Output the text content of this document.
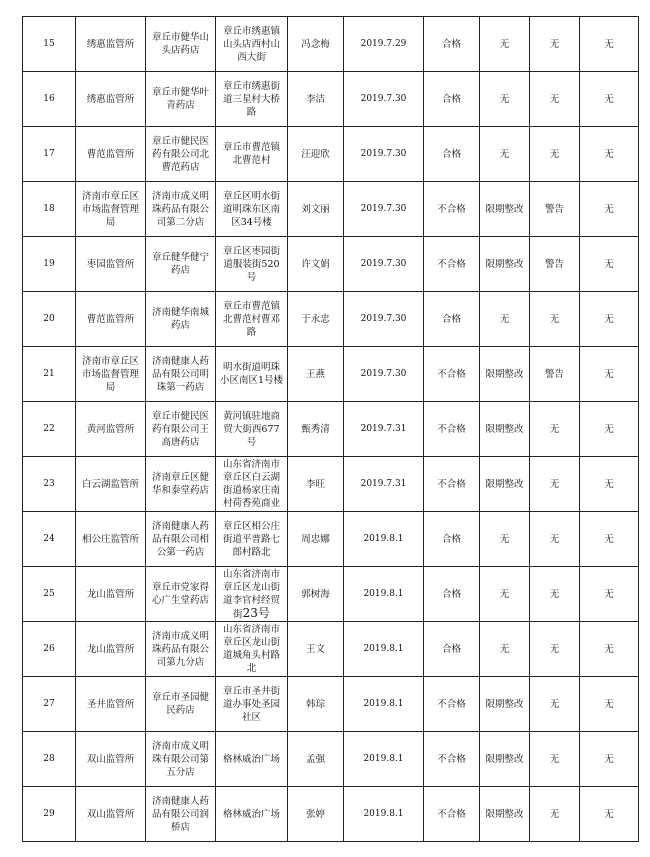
15	绣惠监管所	章丘市健华山头店药店	章丘市绣惠镇山头店西村山西大街	冯念梅	2019.7.29	合格	无	无	无
16	绣惠监管所	章丘市健华叶青药店	章丘市绣惠街道三星村大桥路	李洁	2019.7.30	合格	无	无	无
17	曹范监管所	章丘市健民医药有限公司北曹范药店	章丘市曹范镇北曹范村	汪迎欣	2019.7.30	合格	无	无	无
18	济南市章丘区市场监督管理局	济南市成义明珠药品有限公司第二分店	章丘区明水街道明珠东区南区34号楼	刘文丽	2019.7.30	不合格	限期整改	警告	无
19	枣园监管所	章丘健华健宁药店	章丘区枣园街道服装街520号	许文娟	2019.7.30	不合格	限期整改	警告	无
20	曹范监管所	济南健华南城药店	章丘市曹范镇北曹范村曹邓路	于永忠	2019.7.30	合格	无	无	无
21	济南市章丘区市场监督管理局	济南健康人药品有限公司明珠第一药店	明水街道明珠小区南区1号楼	王燕	2019.7.30	不合格	限期整改	警告	无
22	黄河监管所	章丘市健民医药有限公司王高唐药店	黄河镇驻地商贸大街西677号	甄秀清	2019.7.31	不合格	限期整改	无	无
23	白云湖监管所	济南章丘区健华和泰堂药店	山东省济南市章丘区白云湖街道杨家庄南村荷香苑商业	李旺	2019.7.31	不合格	限期整改	无	无
24	相公庄监管所	济南健康人药品有限公司相公第一药店	章丘区相公庄街道平普路七郎村路北	周忠娜	2019.8.1	合格	无	无	无
25	龙山监管所	章丘市党家得心广生堂药店	山东省济南市章丘区龙山街道李官村经贸街23号	郭树海	2019.8.1	合格	无	无	无
26	龙山监管所	济南市成义明珠药品有限公司第九分店	山东省济南市章丘区龙山街道城角头村路北	王文	2019.8.1	合格	无	无	无
27	圣井监管所	章丘市圣园健民药店	章丘市圣井街道办事处圣园社区	韩琮	2019.8.1	不合格	限期整改	无	无
28	双山监管所	济南市成义明珠有限公司第五分店	格林威治广场	孟强	2019.8.1	不合格	限期整改	无	无
29	双山监管所	济南健康人药品有限公司润桥店	格林威治广场	张婷	2019.8.1	不合格	限期整改	无	无
